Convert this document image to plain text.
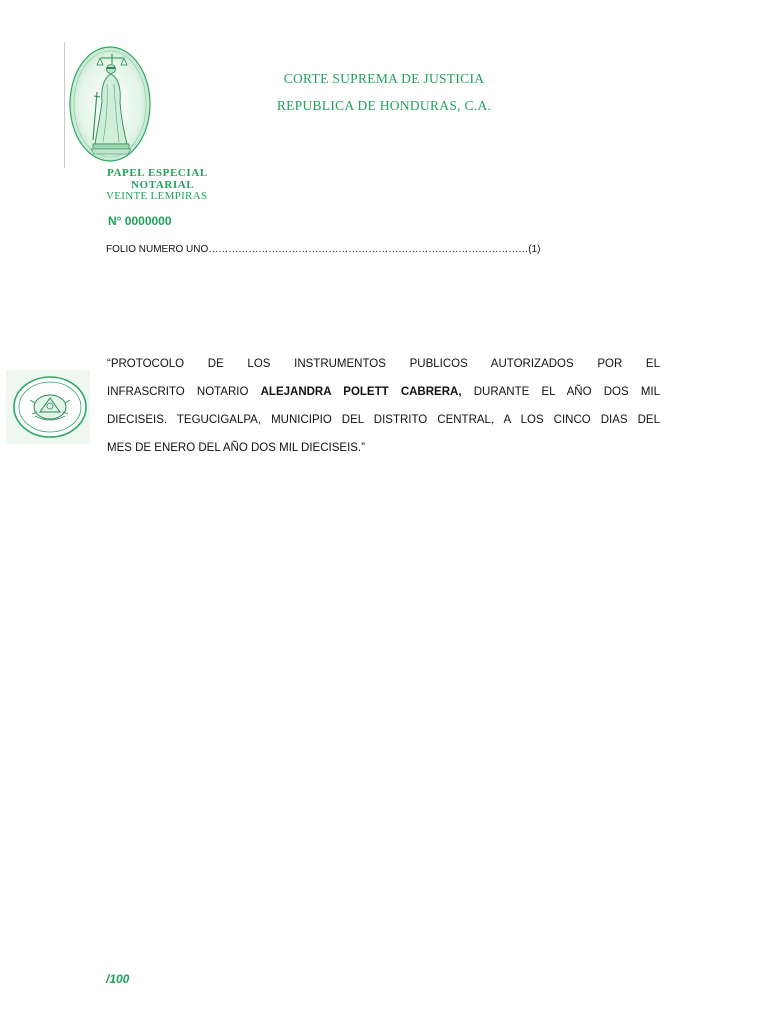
CORTE SUPREMA DE JUSTICIA
REPUBLICA DE HONDURAS, C.A.
PAPEL ESPECIAL
NOTARIAL
VEINTE LEMPIRAS
N° 0000000
FOLIO NUMERO UNO……………………………………………………………………………………(1)
“PROTOCOLO DE LOS INSTRUMENTOS PUBLICOS AUTORIZADOS POR EL
INFRASCRITO NOTARIO ALEJANDRA POLETT CABRERA, DURANTE EL AÑO DOS MIL
DIECISEIS. TEGUCIGALPA, MUNICIPIO DEL DISTRITO CENTRAL, A LOS CINCO DIAS DEL
MES DE ENERO DEL AÑO DOS MIL DIECISEIS.”
/100
